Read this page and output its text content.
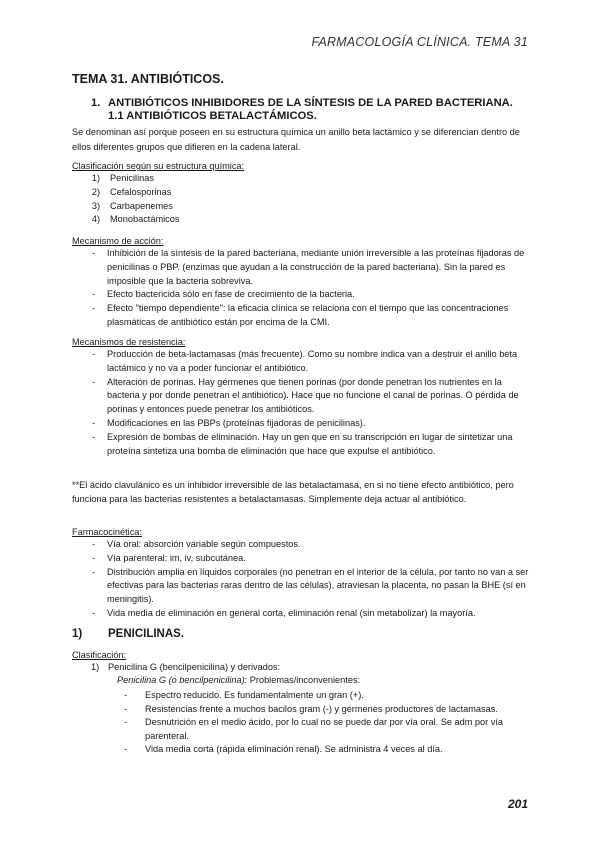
FARMACOLOGÍA CLÍNICA. TEMA 31
TEMA 31. ANTIBIÓTICOS.
1. ANTIBIÓTICOS INHIBIDORES DE LA SÍNTESIS DE LA PARED BACTERIANA.
1.1 ANTIBIÓTICOS BETALACTÁMICOS.

Se denominan así porque poseen en su estructura química un anillo beta lactámico y se diferencian dentro de ellos diferentes grupos que difieren en la cadena lateral.

Clasificación según su estructura química:
1)	Penicilinas
2)	Cefalosporinas
3)	Carbapenemes
4)	Monobactámicos
Mecanismo de acción:
-	Inhibición de la síntesis de la pared bacteriana, mediante unión irreversible a las proteínas fijadoras de penicilinas o PBP. (enzimas que ayudan a la construcción de la pared bacteriana). Sin la pared es imposible que la bacteria sobreviva.
-	Efecto bactericida sólo en fase de crecimiento de la bacteria.
-	Efecto "tiempo dependiente": la eficacia clínica se relaciona con el tiempo que las concentraciones plasmáticas de antibiótico están por encima de la CMI.
Mecanismos de resistencia:
-	Producción de beta-lactamasas (más frecuente). Como su nombre indica van a destruir el anillo beta lactámico y no va a poder funcionar el antibiótico.
-	Alteración de porinas. Hay gérmenes que tienen porinas (por donde penetran los nutrientes en la bacteria y por donde penetran el antibiótico). Hace que no funcione el canal de porinas. O pérdida de porinas y entonces puede penetrar los antibióticos.
-	Modificaciones en las PBPs (proteínas fijadoras de penicilinas).
-	Expresión de bombas de eliminación. Hay un gen que en su transcripción en lugar de sintetizar una proteína sintetiza una bomba de eliminación que hace que expulse el antibiótico.

**El ácido clavulánico es un inhibidor irreversible de las betalactamasa, en si no tiene efecto antibiótico, pero funciona para las bacterias resistentes a betalactamasas. Simplemente deja actuar al antibiótico.

Farmacocinética:
-	Vía oral: absorción variable según compuestos.
-	Vía parenteral: im, iv, subcutánea.
-	Distribución amplia en líquidos corporales (no penetran en el interior de la célula, por tanto no van a ser efectivas para las bacterias raras dentro de las células), atraviesan la placenta, no pasan la BHE (sí en meningitis).
-	Vida media de eliminación en general corta, eliminación renal (sin metabolizar) la mayoría.
1) PENICILINAS.
Clasificación:
1) Penicilina G (bencilpenicilina) y derivados:
Penicilina G (o bencilpenicilina): Problemas/inconvenientes:
-	Espectro reducido. Es fundamentalmente un gran (+).
-	Resistencias frente a muchos bacilos gram (-) y gérmenes productores de lactamasas.
-	Desnutrición en el medio ácido, por lo cual no se puede dar por vía oral. Se adm por vía parenteral.
-	Vida media corta (rápida eliminación renal). Se administra 4 veces al día.
201
